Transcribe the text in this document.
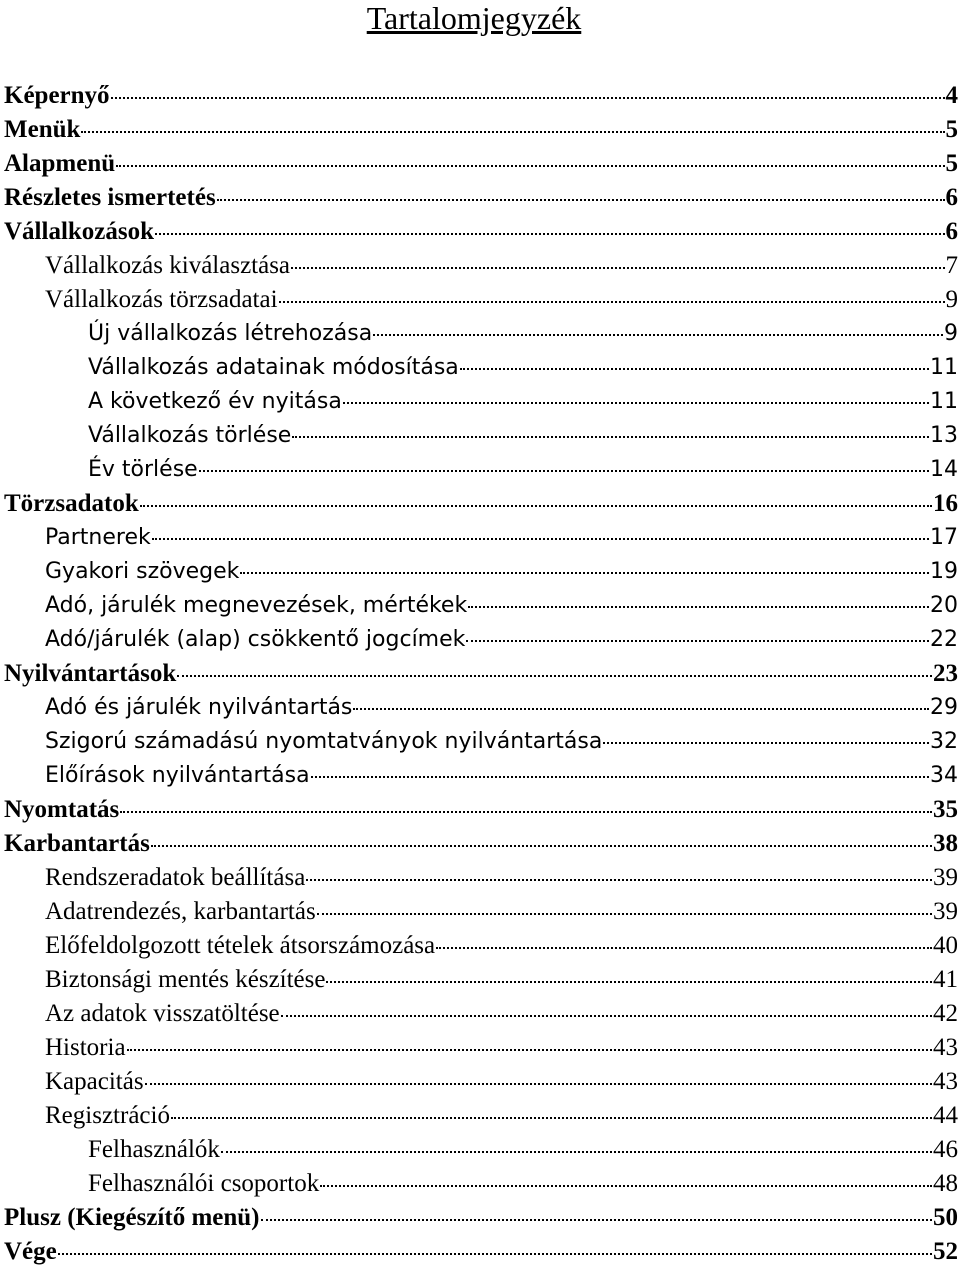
Tartalomjegyzék
Képernyő	4
Menük	5
Alapmenü	5
Részletes ismertetés	6
Vállalkozások	6
Vállalkozás kiválasztása	7
Vállalkozás törzsadatai	9
Új vállalkozás létrehozása	9
Vállalkozás adatainak módosítása	11
A következő év nyitása	11
Vállalkozás törlése	13
Év törlése	14
Törzsadatok	16
Partnerek	17
Gyakori szövegek	19
Adó, járulék megnevezések, mértékek	20
Adó/járulék (alap) csökkentő jogcímek	22
Nyilvántartások	23
Adó és járulék nyilvántartás	29
Szigorú számadású nyomtatványok nyilvántartása	32
Előírások nyilvántartása	34
Nyomtatás	35
Karbantartás	38
Rendszeradatok beállítása	39
Adatrendezés, karbantartás	39
Előfeldolgozott tételek átsorszámozása	40
Biztonsági mentés készítése	41
Az adatok visszatöltése	42
Historia	43
Kapacitás	43
Regisztráció	44
Felhasználók	46
Felhasználói csoportok	48
Plusz (Kiegészítő menü)	50
Vége	52
